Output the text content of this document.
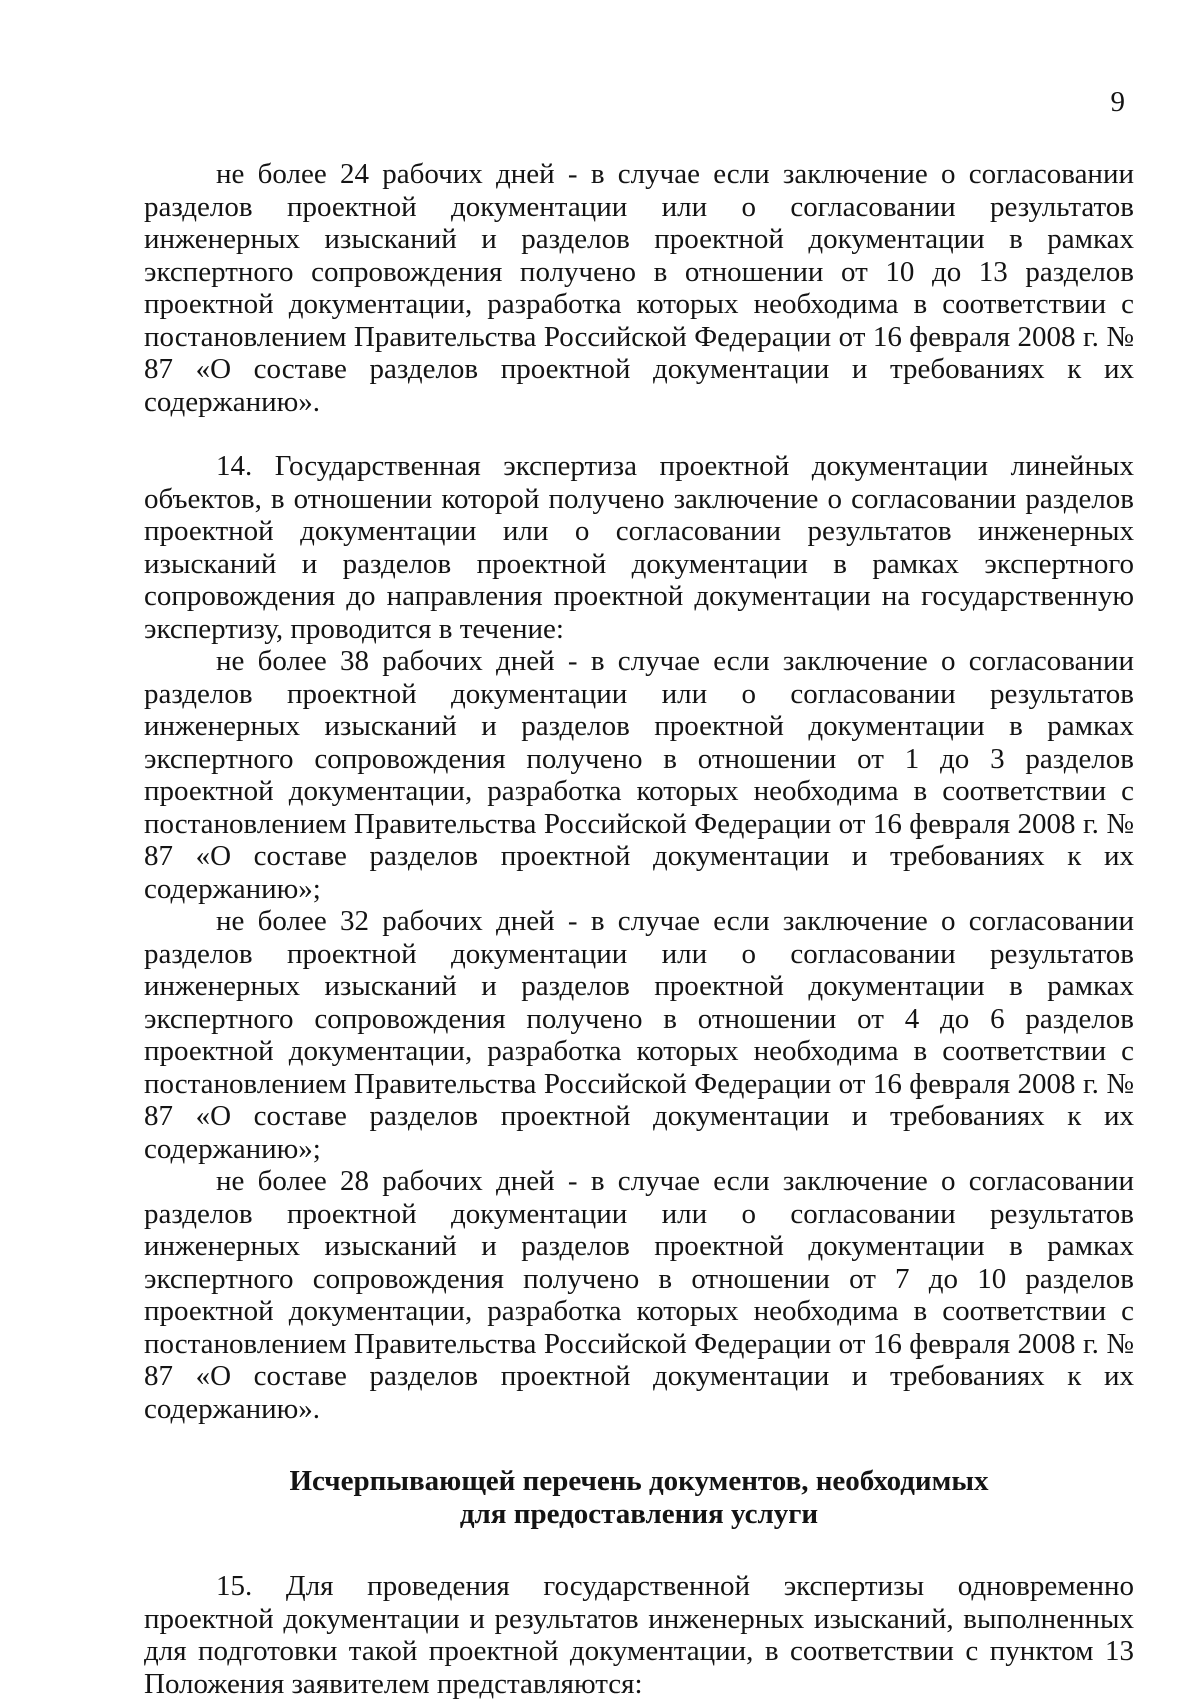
9

не более 24 рабочих дней - в случае если заключение о согласовании разделов проектной документации или о согласовании результатов инженерных изысканий и разделов проектной документации в рамках экспертного сопровождения получено в отношении от 10 до 13 разделов проектной документации, разработка которых необходима в соответствии с постановлением Правительства Российской Федерации от 16 февраля 2008 г. № 87 «О составе разделов проектной документации и требованиях к их содержанию».

14. Государственная экспертиза проектной документации линейных объектов, в отношении которой получено заключение о согласовании разделов проектной документации или о согласовании результатов инженерных изысканий и разделов проектной документации в рамках экспертного сопровождения до направления проектной документации на государственную экспертизу, проводится в течение:

не более 38 рабочих дней - в случае если заключение о согласовании разделов проектной документации или о согласовании результатов инженерных изысканий и разделов проектной документации в рамках экспертного сопровождения получено в отношении от 1 до 3 разделов проектной документации, разработка которых необходима в соответствии с постановлением Правительства Российской Федерации от 16 февраля 2008 г. № 87 «О составе разделов проектной документации и требованиях к их содержанию»;

не более 32 рабочих дней - в случае если заключение о согласовании разделов проектной документации или о согласовании результатов инженерных изысканий и разделов проектной документации в рамках экспертного сопровождения получено в отношении от 4 до 6 разделов проектной документации, разработка которых необходима в соответствии с постановлением Правительства Российской Федерации от 16 февраля 2008 г. № 87 «О составе разделов проектной документации и требованиях к их содержанию»;

не более 28 рабочих дней - в случае если заключение о согласовании разделов проектной документации или о согласовании результатов инженерных изысканий и разделов проектной документации в рамках экспертного сопровождения получено в отношении от 7 до 10 разделов проектной документации, разработка которых необходима в соответствии с постановлением Правительства Российской Федерации от 16 февраля 2008 г. № 87 «О составе разделов проектной документации и требованиях к их содержанию».

Исчерпывающей перечень документов, необходимых
для предоставления услуги

15. Для проведения государственной экспертизы одновременно проектной документации и результатов инженерных изысканий, выполненных для подготовки такой проектной документации, в соответствии с пунктом 13 Положения заявителем представляются:
